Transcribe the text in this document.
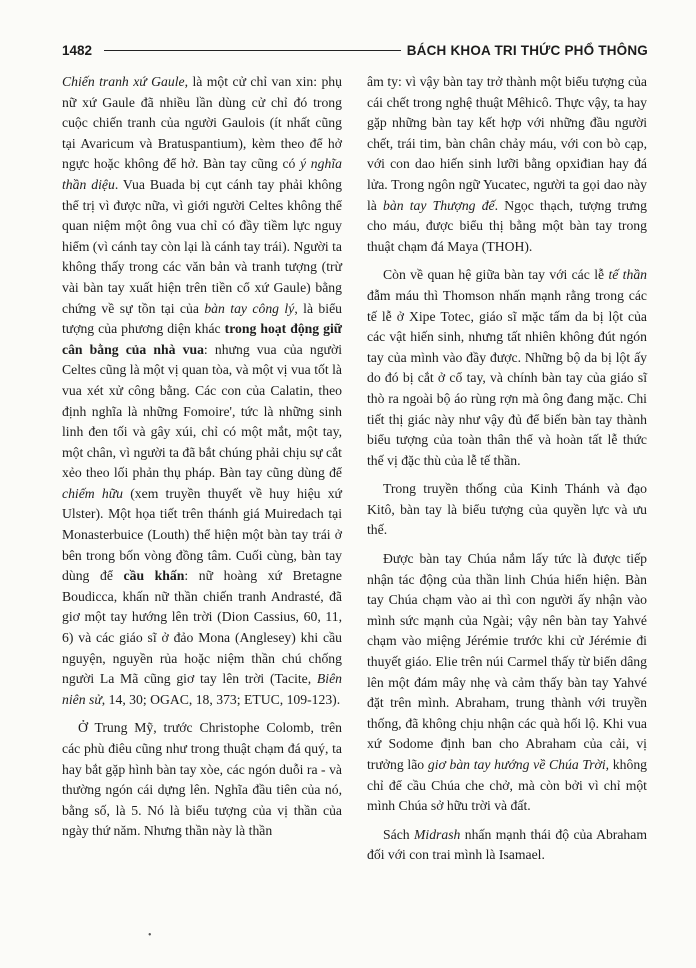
1482	BÁCH KHOA TRI THỨC PHỔ THÔNG

Chiến tranh xứ Gaule, là một cử chỉ van xin: phụ nữ xứ Gaule đã nhiều lần dùng cử chỉ đó trong cuộc chiến tranh của người Gaulois (ít nhất cũng tại Avaricum và Bratuspantium), kèm theo để hở ngực hoặc không để hở. Bàn tay cũng có ý nghĩa thần diệu. Vua Buada bị cụt cánh tay phải không thể trị vì được nữa, vì giới người Celtes không thể quan niệm một ông vua chỉ có đầy tiềm lực nguy hiểm (vì cánh tay còn lại là cánh tay trái). Người ta không thấy trong các văn bản và tranh tượng (trừ vài bàn tay xuất hiện trên tiền cổ xứ Gaule) bằng chứng về sự tồn tại của bàn tay công lý, là biểu tượng của phương diện khác trong hoạt động giữ cân bằng của nhà vua: nhưng vua của người Celtes cũng là một vị quan tòa, và một vị vua tốt là vua xét xử công bằng. Các con của Calatin, theo định nghĩa là những Fomoire', tức là những sinh linh đen tối và gây xúi, chỉ có một mắt, một tay, một chân, vì người ta đã bắt chúng phải chịu sự cắt xẻo theo lối phản thụ pháp. Bàn tay cũng dùng để chiếm hữu (xem truyền thuyết về huy hiệu xứ Ulster). Một họa tiết trên thánh giá Muiredach tại Monasterbuice (Louth) thể hiện một bàn tay trái ở bên trong bốn vòng đồng tâm. Cuối cùng, bàn tay dùng để cầu khấn: nữ hoàng xứ Bretagne Boudicca, khấn nữ thần chiến tranh Andrasté, đã giơ một tay hướng lên trời (Dion Cassius, 60, 11, 6) và các giáo sĩ ở đảo Mona (Anglesey) khi cầu nguyện, nguyền rủa hoặc niệm thần chú chống người La Mã cũng giơ tay lên trời (Tacite, Biên niên sử, 14, 30; OGAC, 18, 373; ETUC, 109-123).

Ở Trung Mỹ, trước Christophe Colomb, trên các phù điêu cũng như trong thuật chạm đá quý, ta hay bắt gặp hình bàn tay xòe, các ngón duỗi ra - và thường ngón cái dựng lên. Nghĩa đầu tiên của nó, bằng số, là 5. Nó là biểu tượng của vị thần của ngày thứ năm. Nhưng thần này là thần

âm ty: vì vậy bàn tay trở thành một biểu tượng của cái chết trong nghệ thuật Mêhicô. Thực vậy, ta hay gặp những bàn tay kết hợp với những đầu người chết, trái tim, bàn chân chảy máu, với con bò cạp, với con dao hiến sinh lưỡi bằng opxiđian hay đá lửa. Trong ngôn ngữ Yucatec, người ta gọi dao này là bàn tay Thượng đế. Ngọc thạch, tượng trưng cho máu, được biểu thị bằng một bàn tay trong thuật chạm đá Maya (THOH).

Còn về quan hệ giữa bàn tay với các lễ tế thần đẫm máu thì Thomson nhấn mạnh rằng trong các tế lễ ở Xipe Totec, giáo sĩ mặc tấm da bị lột của các vật hiến sinh, nhưng tất nhiên không đút ngón tay của mình vào đầy được. Những bộ da bị lột ấy do đó bị cắt ở cổ tay, và chính bàn tay của giáo sĩ thò ra ngoài bộ áo rùng rợn mà ông đang mặc. Chi tiết thị giác này như vậy đủ để biến bàn tay thành biểu tượng của toàn thân thể và hoàn tất lễ thức thế vị đặc thù của lễ tế thần.

Trong truyền thống của Kinh Thánh và đạo Kitô, bàn tay là biểu tượng của quyền lực và ưu thế.

Được bàn tay Chúa nắm lấy tức là được tiếp nhận tác động của thần linh Chúa hiển hiện. Bàn tay Chúa chạm vào ai thì con người ấy nhận vào mình sức mạnh của Ngài; vậy nên bàn tay Yahvé chạm vào miệng Jérémie trước khi cử Jérémie đi thuyết giáo. Elie trên núi Carmel thấy từ biển dâng lên một đám mây nhẹ và cảm thấy bàn tay Yahvé đặt trên mình. Abraham, trung thành với truyền thống, đã không chịu nhận các quà hối lộ. Khi vua xứ Sodome định ban cho Abraham của cải, vị trưởng lão giơ bàn tay hướng về Chúa Trời, không chỉ để cầu Chúa che chở, mà còn bởi vì chỉ một mình Chúa sở hữu trời và đất.

Sách Midrash nhấn mạnh thái độ của Abraham đối với con trai mình là Isamael.

•
